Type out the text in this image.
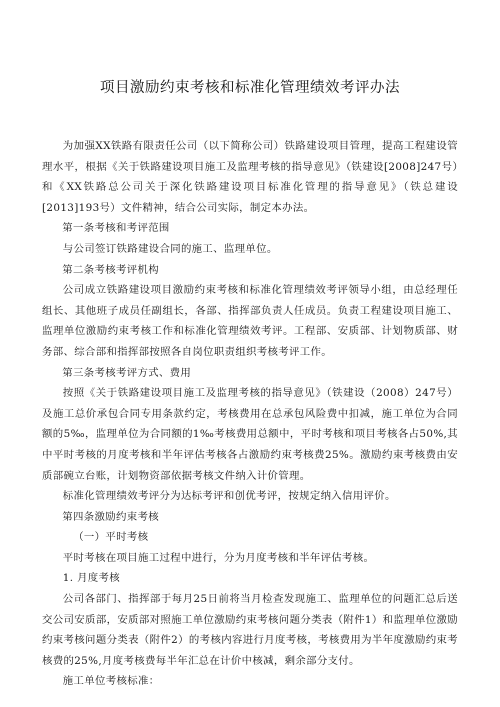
项目激励约束考核和标准化管理绩效考评办法

为加强XX铁路有限责任公司（以下简称公司）铁路建设项目管理，提高工程建设管理水平，根据《关于铁路建设项目施工及监理考核的指导意见》（铁建设[2008]247号）和《XX铁路总公司关于深化铁路建设项目标准化管理的指导意见》（铁总建设[2013]193号）文件精神，结合公司实际，制定本办法。

第一条考核和考评范围

与公司签订铁路建设合同的施工、监理单位。

第二条考核考评机构

公司成立铁路建设项目激励约束考核和标准化管理绩效考评领导小组，由总经理任组长、其他班子成员任副组长，各部、指挥部负责人任成员。负责工程建设项目施工、监理单位激励约束考核工作和标准化管理绩效考评。工程部、安质部、计划物质部、财务部、综合部和指挥部按照各自岗位职责组织考核考评工作。

第三条考核考评方式、费用

按照《关于铁路建设项目施工及监理考核的指导意见》（铁建设（2008）247号）及施工总价承包合同专用条款约定，考核费用在总承包风险费中扣减，施工单位为合同额的5‰，监理单位为合同额的1‰考核费用总额中，平时考核和项目考核各占50%,其中平时考核的月度考核和半年评估考核各占激励约束考核费25%。激励约束考核费由安质部碗立台账，计划物资部依据考核文件纳入计价管理。

标准化管理绩效考评分为达标考评和创优考评，按规定纳入信用评价。

第四条激励约束考核

（一）平时考核

平时考核在项目施工过程中进行，分为月度考核和半年评估考核。

1. 月度考核

公司各部门、指挥部于每月25日前将当月检查发现施工、监理单位的问题汇总后送交公司安质部，安质部对照施工单位激励约束考核问题分类表（附件1）和监理单位激励约束考核问题分类表（附件2）的考核内容进行月度考核，考核费用为半年度激励约束考核费的25%,月度考核费每半年汇总在计价中核减，剩余部分支付。

施工单位考核标准：
